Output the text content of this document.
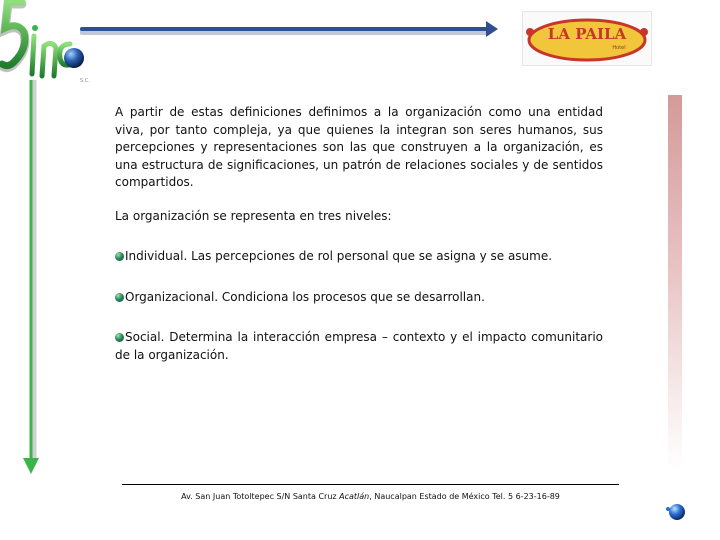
S.C.
LA PAILA
Hotel

A partir de estas definiciones definimos a la organización como una entidad viva, por tanto compleja, ya que quienes la integran son seres humanos, sus percepciones y representaciones son las que construyen a la organización, es una estructura de significaciones, un patrón de relaciones sociales y de sentidos compartidos.

La organización se representa en tres niveles:

Individual. Las percepciones de rol personal que se asigna y se asume.
Organizacional. Condiciona los procesos que se desarrollan.
Social. Determina la interacción empresa – contexto y el impacto comunitario de la organización.
Av. San Juan Totoltepec S/N Santa Cruz Acatlán, Naucalpan Estado de México Tel. 5 6-23-16-89
